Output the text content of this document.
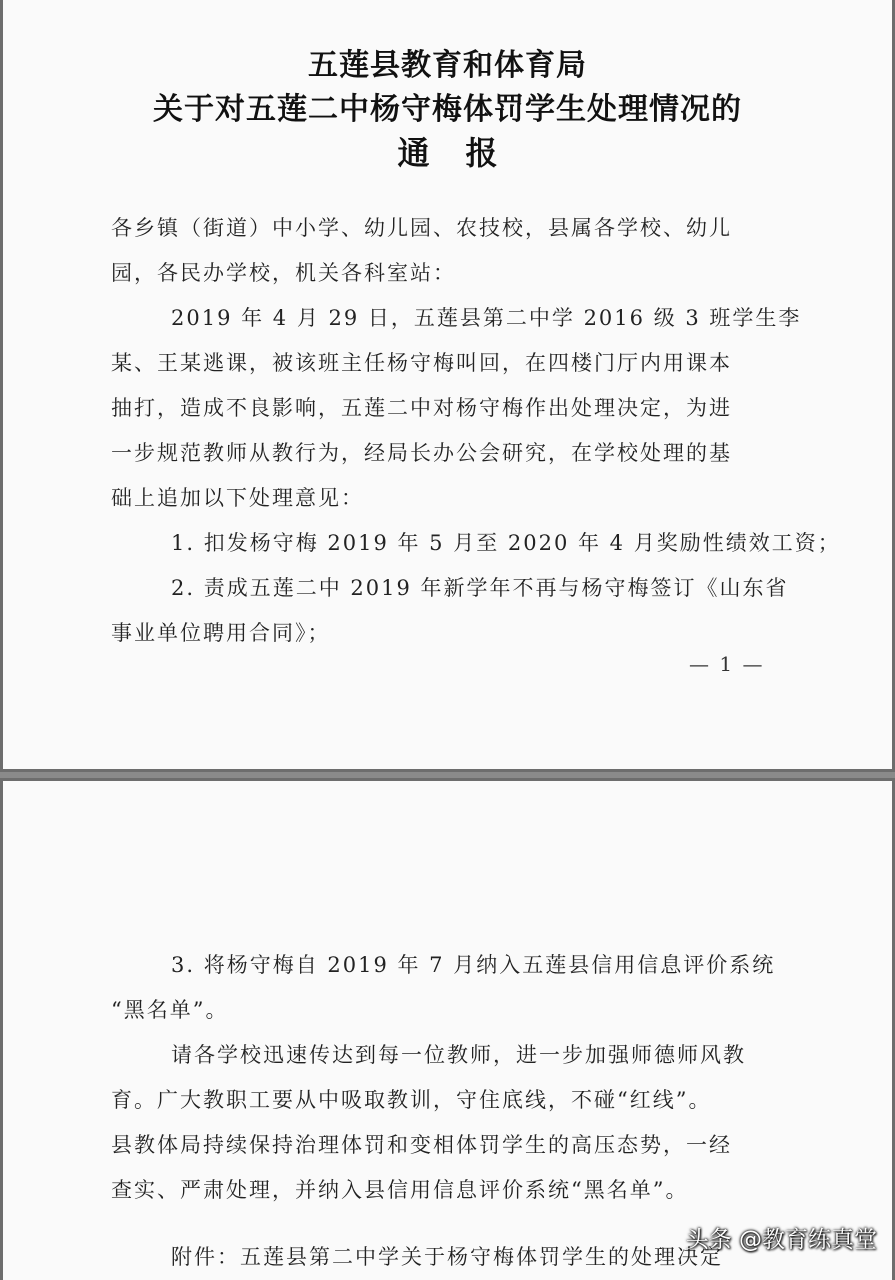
五莲县教育和体育局
关于对五莲二中杨守梅体罚学生处理情况的
通报
各乡镇（街道）中小学、幼儿园、农技校，县属各学校、幼儿
园，各民办学校，机关各科室站：
2019 年 4 月 29 日，五莲县第二中学 2016 级 3 班学生李
某、王某逃课，被该班主任杨守梅叫回，在四楼门厅内用课本
抽打，造成不良影响，五莲二中对杨守梅作出处理决定，为进
一步规范教师从教行为，经局长办公会研究，在学校处理的基
础上追加以下处理意见：
1. 扣发杨守梅 2019 年 5 月至 2020 年 4 月奖励性绩效工资；
2. 责成五莲二中 2019 年新学年不再与杨守梅签订《山东省
事业单位聘用合同》；
— 1 —
3. 将杨守梅自 2019 年 7 月纳入五莲县信用信息评价系统
“黑名单”。
请各学校迅速传达到每一位教师，进一步加强师德师风教
育。广大教职工要从中吸取教训，守住底线，不碰“红线”。
县教体局持续保持治理体罚和变相体罚学生的高压态势，一经
查实、严肃处理，并纳入县信用信息评价系统“黑名单”。
附件：五莲县第二中学关于杨守梅体罚学生的处理决定
头条 @教育练真堂
